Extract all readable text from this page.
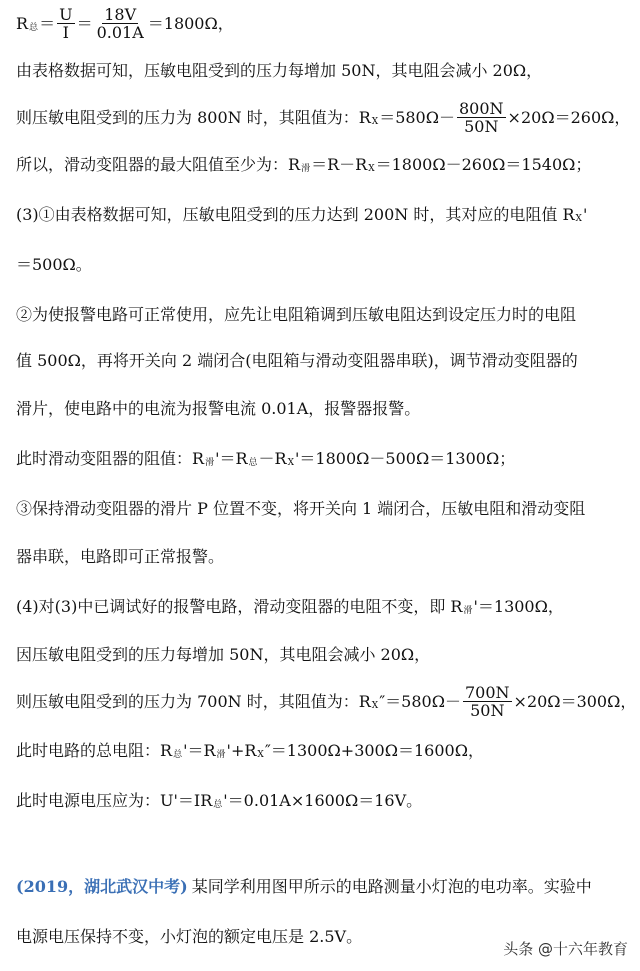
R 总 ＝ $\frac{U}{I} = \frac{18V}{0.01A} =1800\Omega$，
由表格数据可知，压敏电阻受到的压力每增加 50N，其电阻会减小 20Ω，
则压敏电阻受到的压力为 800N 时，其阻值为：R $X =580\Omega- \frac{800N}{50N} \times 20\Omega=260\Omega$，
所以，滑动变阻器的最大阻值至少为：R 滑 ＝R－R X ＝1800Ω－260Ω＝1540Ω；
(3)①由表格数据可知，压敏电阻受到的压力达到 200N 时，其对应的电阻值 R X '
＝500Ω。
②为使报警电路可正常使用，应先让电阻箱调到压敏电阻达到设定压力时的电阻
值 500Ω，再将开关向 2 端闭合(电阻箱与滑动变阻器串联)，调节滑动变阻器的
滑片，使电路中的电流为报警电流 0.01A，报警器报警。
此时滑动变阻器的阻值：R 滑 '＝R 总 －R X '＝1800Ω－500Ω＝1300Ω；
③保持滑动变阻器的滑片 P 位置不变，将开关向 1 端闭合，压敏电阻和滑动变阻
器串联，电路即可正常报警。
(4)对(3)中已调试好的报警电路，滑动变阻器的电阻不变，即 R 滑 '＝1300Ω，
因压敏电阻受到的压力每增加 50N，其电阻会减小 20Ω，
则压敏电阻受到的压力为 700N 时，其阻值为：R X $''=580\Omega- \frac{700N}{50N} \times 20\Omega=300\Omega$，
此时电路的总电阻：R 总 '＝R 滑 '+R X ″＝1300Ω+300Ω＝1600Ω，
此时电源电压应为：U'＝IR 总 '＝0.01A×1600Ω＝16V。
(2019，湖北武汉中考) 某同学利用图甲所示的电路测量小灯泡的电功率。实验中
电源电压保持不变，小灯泡的额定电压是 2.5V。
头条 @十六年教育
